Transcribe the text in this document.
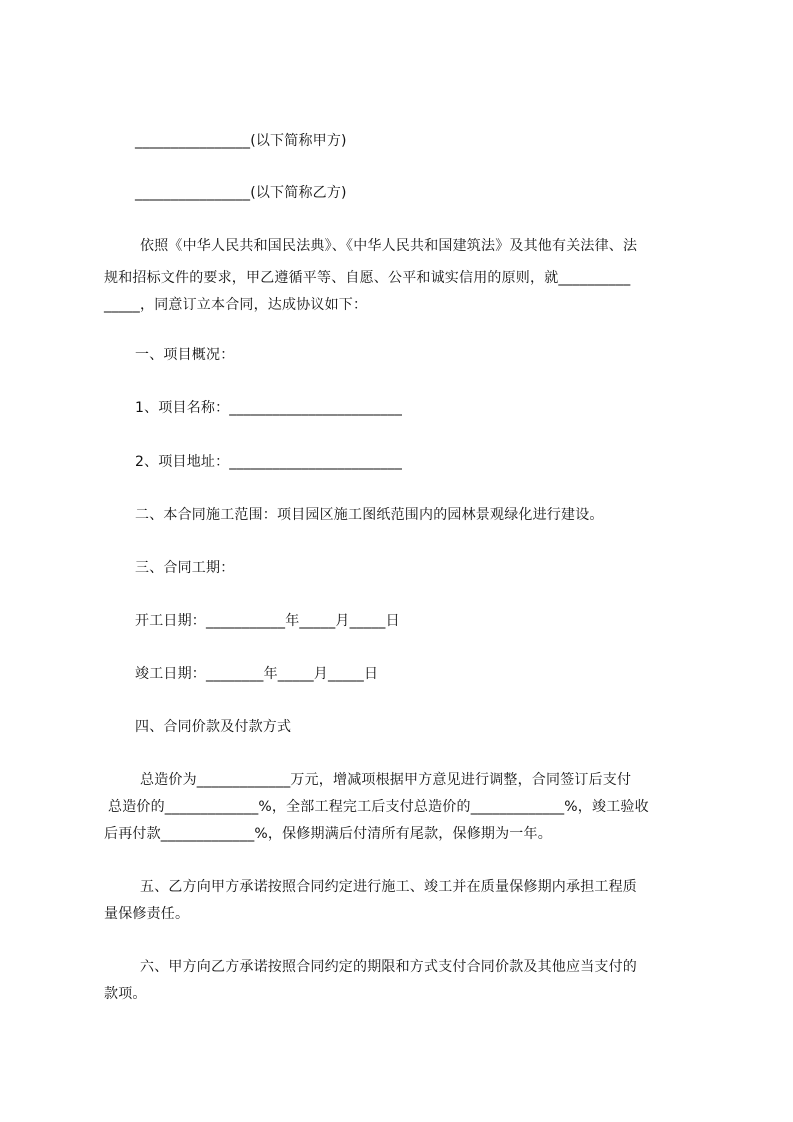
________________(以下简称甲方)
________________(以下简称乙方)
依照《中华人民共和国民法典》、《中华人民共和国建筑法》及其他有关法律、法
规和招标文件的要求，甲乙遵循平等、自愿、公平和诚实信用的原则，就__________
_____，同意订立本合同，达成协议如下：
一、项目概况：
1、项目名称：________________________
2、项目地址：________________________
二、本合同施工范围：项目园区施工图纸范围内的园林景观绿化进行建设。
三、合同工期：
开工日期：___________年_____月_____日
竣工日期：________年_____月_____日
四、合同价款及付款方式
总造价为_____________万元，增减项根据甲方意见进行调整，合同签订后支付
总造价的_____________%，全部工程完工后支付总造价的_____________%，竣工验收
后再付款_____________%，保修期满后付清所有尾款，保修期为一年。
五、乙方向甲方承诺按照合同约定进行施工、竣工并在质量保修期内承担工程质
量保修责任。
六、甲方向乙方承诺按照合同约定的期限和方式支付合同价款及其他应当支付的
款项。
